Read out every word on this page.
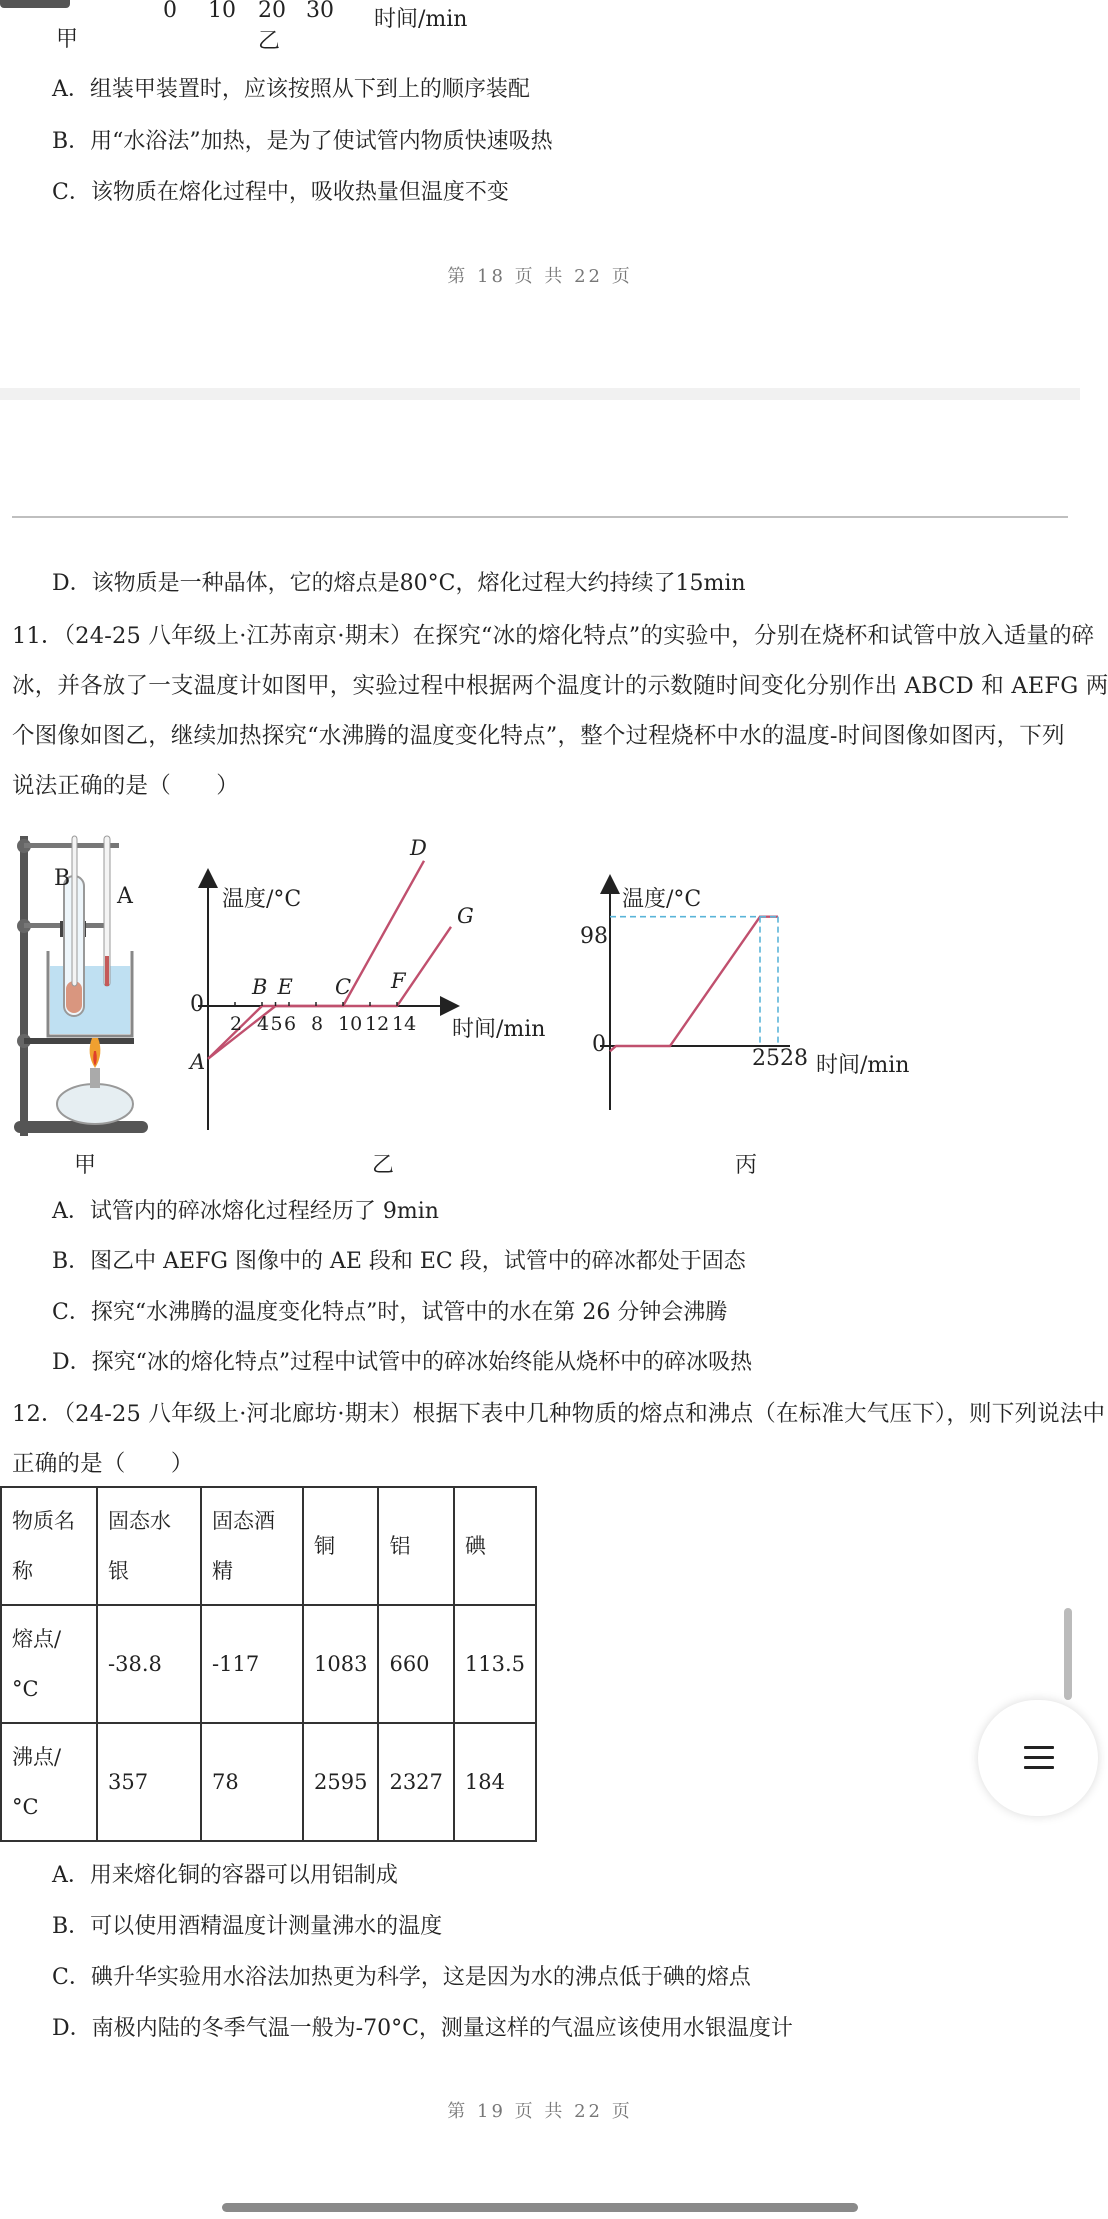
甲
0 10 20 30 时间/min
乙
A．组装甲装置时，应该按照从下到上的顺序装配
B．用“水浴法”加热，是为了使试管内物质快速吸热
C．该物质在熔化过程中，吸收热量但温度不变
第 18 页 共 22 页
D．该物质是一种晶体，它的熔点是80°C，熔化过程大约持续了15min
11．（24-25 八年级上·江苏南京·期末）在探究“冰的熔化特点”的实验中，分别在烧杯和试管中放入适量的碎
冰，并各放了一支温度计如图甲，实验过程中根据两个温度计的示数随时间变化分别作出 ABCD 和 AEFG 两
个图像如图乙，继续加热探究“水沸腾的温度变化特点”，整个过程烧杯中水的温度-时间图像如图丙，下列
说法正确的是（　　）
B
A
甲
2 4 5 6 8 10 12 14
A
B E C F
D
G
温度/°C
时间/min
0
乙
温度/°C
98
0
25 28 时间/min
丙
A．试管内的碎冰熔化过程经历了 9min
B．图乙中 AEFG 图像中的 AE 段和 EC 段，试管中的碎冰都处于固态
C．探究“水沸腾的温度变化特点”时，试管中的水在第 26 分钟会沸腾
D．探究“冰的熔化特点”过程中试管中的碎冰始终能从烧杯中的碎冰吸热
12．（24-25 八年级上·河北廊坊·期末）根据下表中几种物质的熔点和沸点（在标准大气压下），则下列说法中
正确的是（　　）
物质名称	固态水银	固态酒精	铜	铝	碘
熔点/°C	-38.8	-117	1083	660	113.5
沸点/°C	357	78	2595	2327	184
A．用来熔化铜的容器可以用铝制成
B．可以使用酒精温度计测量沸水的温度
C．碘升华实验用水浴法加热更为科学，这是因为水的沸点低于碘的熔点
D．南极内陆的冬季气温一般为-70°C，测量这样的气温应该使用水银温度计
第 19 页 共 22 页
